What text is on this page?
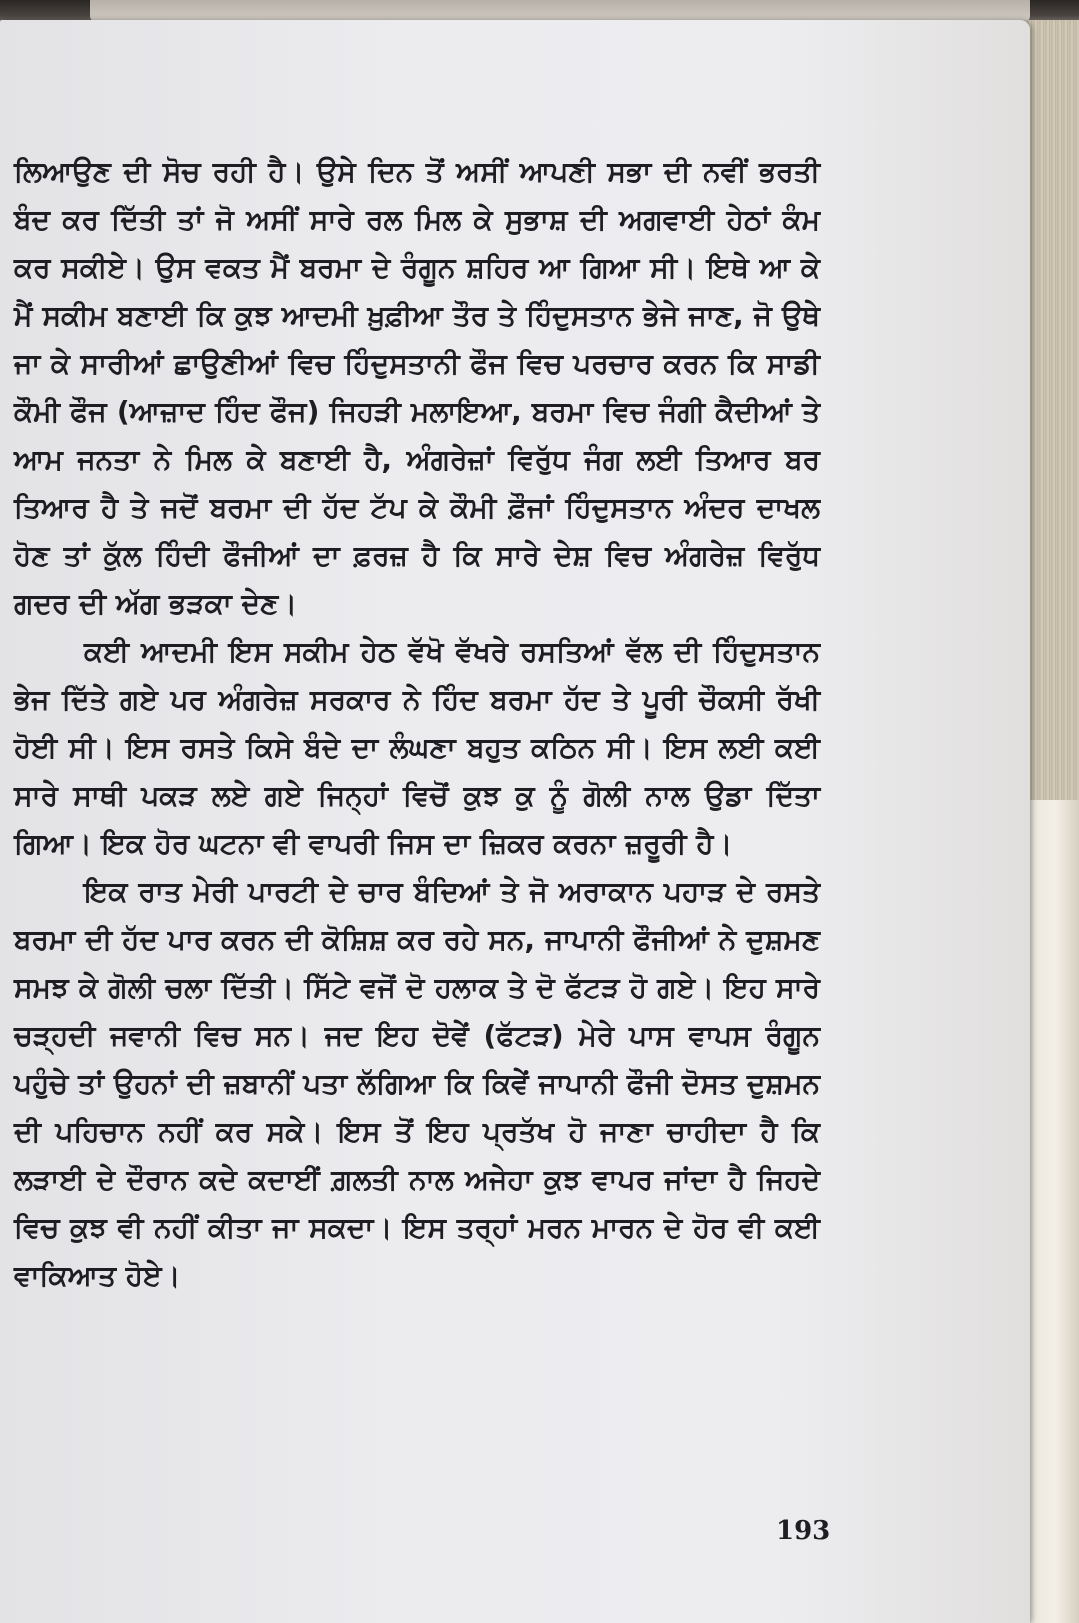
ਲਿਆਉਣ ਦੀ ਸੋਚ ਰਹੀ ਹੈ। ਉਸੇ ਦਿਨ ਤੋਂ ਅਸੀਂ ਆਪਣੀ ਸਭਾ ਦੀ ਨਵੀਂ ਭਰਤੀ ਬੰਦ ਕਰ ਦਿੱਤੀ ਤਾਂ ਜੋ ਅਸੀਂ ਸਾਰੇ ਰਲ ਮਿਲ ਕੇ ਸੁਭਾਸ਼ ਦੀ ਅਗਵਾਈ ਹੇਠਾਂ ਕੰਮ ਕਰ ਸਕੀਏ। ਉਸ ਵਕਤ ਮੈਂ ਬਰਮਾ ਦੇ ਰੰਗੂਨ ਸ਼ਹਿਰ ਆ ਗਿਆ ਸੀ। ਇਥੇ ਆ ਕੇ ਮੈਂ ਸਕੀਮ ਬਣਾਈ ਕਿ ਕੁਝ ਆਦਮੀ ਖ਼ੁਫ਼ੀਆ ਤੌਰ ਤੇ ਹਿੰਦੁਸਤਾਨ ਭੇਜੇ ਜਾਣ, ਜੋ ਉਥੇ ਜਾ ਕੇ ਸਾਰੀਆਂ ਛਾਉਣੀਆਂ ਵਿਚ ਹਿੰਦੁਸਤਾਨੀ ਫੌਜ ਵਿਚ ਪਰਚਾਰ ਕਰਨ ਕਿ ਸਾਡੀ ਕੌਮੀ ਫੌਜ (ਆਜ਼ਾਦ ਹਿੰਦ ਫੌਜ) ਜਿਹੜੀ ਮਲਾਇਆ, ਬਰਮਾ ਵਿਚ ਜੰਗੀ ਕੈਦੀਆਂ ਤੇ ਆਮ ਜਨਤਾ ਨੇ ਮਿਲ ਕੇ ਬਣਾਈ ਹੈ, ਅੰਗਰੇਜ਼ਾਂ ਵਿਰੁੱਧ ਜੰਗ ਲਈ ਤਿਆਰ ਬਰ ਤਿਆਰ ਹੈ ਤੇ ਜਦੋਂ ਬਰਮਾ ਦੀ ਹੱਦ ਟੱਪ ਕੇ ਕੌਮੀ ਫ਼ੌਜਾਂ ਹਿੰਦੁਸਤਾਨ ਅੰਦਰ ਦਾਖਲ ਹੋਣ ਤਾਂ ਕੁੱਲ ਹਿੰਦੀ ਫੌਜੀਆਂ ਦਾ ਫ਼ਰਜ਼ ਹੈ ਕਿ ਸਾਰੇ ਦੇਸ਼ ਵਿਚ ਅੰਗਰੇਜ਼ ਵਿਰੁੱਧ ਗਦਰ ਦੀ ਅੱਗ ਭੜਕਾ ਦੇਣ।

ਕਈ ਆਦਮੀ ਇਸ ਸਕੀਮ ਹੇਠ ਵੱਖੋ ਵੱਖਰੇ ਰਸਤਿਆਂ ਵੱਲ ਦੀ ਹਿੰਦੁਸਤਾਨ ਭੇਜ ਦਿੱਤੇ ਗਏ ਪਰ ਅੰਗਰੇਜ਼ ਸਰਕਾਰ ਨੇ ਹਿੰਦ ਬਰਮਾ ਹੱਦ ਤੇ ਪੂਰੀ ਚੌਕਸੀ ਰੱਖੀ ਹੋਈ ਸੀ। ਇਸ ਰਸਤੇ ਕਿਸੇ ਬੰਦੇ ਦਾ ਲੰਘਣਾ ਬਹੁਤ ਕਠਿਨ ਸੀ। ਇਸ ਲਈ ਕਈ ਸਾਰੇ ਸਾਥੀ ਪਕੜ ਲਏ ਗਏ ਜਿਨ੍ਹਾਂ ਵਿਚੋਂ ਕੁਝ ਕੁ ਨੂੰ ਗੋਲੀ ਨਾਲ ਉਡਾ ਦਿੱਤਾ ਗਿਆ। ਇਕ ਹੋਰ ਘਟਨਾ ਵੀ ਵਾਪਰੀ ਜਿਸ ਦਾ ਜ਼ਿਕਰ ਕਰਨਾ ਜ਼ਰੂਰੀ ਹੈ।

ਇਕ ਰਾਤ ਮੇਰੀ ਪਾਰਟੀ ਦੇ ਚਾਰ ਬੰਦਿਆਂ ਤੇ ਜੋ ਅਰਾਕਾਨ ਪਹਾੜ ਦੇ ਰਸਤੇ ਬਰਮਾ ਦੀ ਹੱਦ ਪਾਰ ਕਰਨ ਦੀ ਕੋਸ਼ਿਸ਼ ਕਰ ਰਹੇ ਸਨ, ਜਾਪਾਨੀ ਫੌਜੀਆਂ ਨੇ ਦੁਸ਼ਮਣ ਸਮਝ ਕੇ ਗੋਲੀ ਚਲਾ ਦਿੱਤੀ। ਸਿੱਟੇ ਵਜੋਂ ਦੋ ਹਲਾਕ ਤੇ ਦੋ ਫੱਟੜ ਹੋ ਗਏ। ਇਹ ਸਾਰੇ ਚੜ੍ਹਦੀ ਜਵਾਨੀ ਵਿਚ ਸਨ। ਜਦ ਇਹ ਦੋਵੇਂ (ਫੱਟੜ) ਮੇਰੇ ਪਾਸ ਵਾਪਸ ਰੰਗੂਨ ਪਹੁੰਚੇ ਤਾਂ ਉਹਨਾਂ ਦੀ ਜ਼ਬਾਨੀਂ ਪਤਾ ਲੱਗਿਆ ਕਿ ਕਿਵੇਂ ਜਾਪਾਨੀ ਫੌਜੀ ਦੋਸਤ ਦੁਸ਼ਮਨ ਦੀ ਪਹਿਚਾਨ ਨਹੀਂ ਕਰ ਸਕੇ। ਇਸ ਤੋਂ ਇਹ ਪ੍ਰਤੱਖ ਹੋ ਜਾਣਾ ਚਾਹੀਦਾ ਹੈ ਕਿ ਲੜਾਈ ਦੇ ਦੌਰਾਨ ਕਦੇ ਕਦਾਈਂ ਗ਼ਲਤੀ ਨਾਲ ਅਜੇਹਾ ਕੁਝ ਵਾਪਰ ਜਾਂਦਾ ਹੈ ਜਿਹਦੇ ਵਿਚ ਕੁਝ ਵੀ ਨਹੀਂ ਕੀਤਾ ਜਾ ਸਕਦਾ। ਇਸ ਤਰ੍ਹਾਂ ਮਰਨ ਮਾਰਨ ਦੇ ਹੋਰ ਵੀ ਕਈ ਵਾਕਿਆਤ ਹੋਏ।

193
